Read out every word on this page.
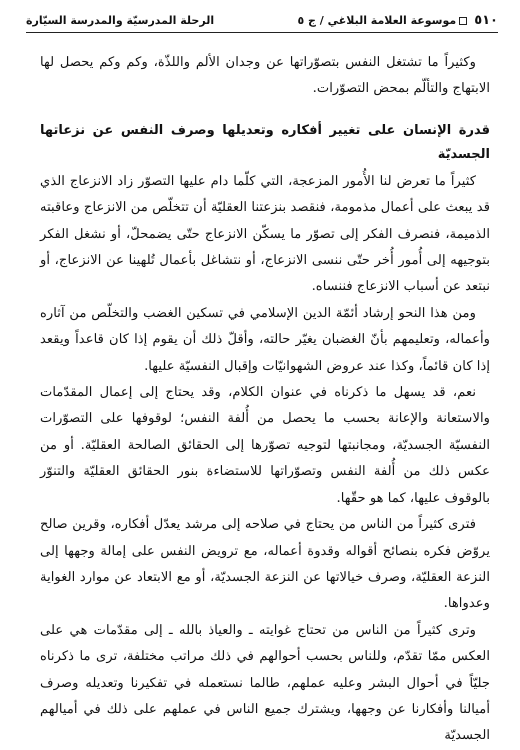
٥١٠موسوعة العلامة البلاغي / ج ٥
الرحلة المدرسيّة والمدرسة السيّارة

وكثيراً ما تشتغل النفس بتصوّراتها عن وجدان الألم واللذّة، وكم وكم يحصل لها الابتهاج والتألّم بمحض التصوّرات.

قدرة الإنسان على تغيير أفكاره وتعديلها وصرف النفس عن نزعاتها الجسديّة

كثيراً ما تعرض لنا الأُمور المزعجة، التي كلّما دام عليها التصوّر زاد الانزعاج الذي قد يبعث على أعمال مذمومة، فنقصد بنزعتنا العقليّة أن تتخلّص من الانزعاج وعاقبته الذميمة، فنصرف الفكر إلى تصوّر ما يسكّن الانزعاج حتّى يضمحلّ، أو نشغل الفكر بتوجيهه إلى أُمور أُخر حتّى ننسى الانزعاج، أو نتشاغل بأعمال تُلهينا عن الانزعاج، أو نبتعد عن أسباب الانزعاج فننساه.

ومن هذا النحو إرشاد أئمّة الدين الإسلامي في تسكين الغضب والتخلّص من آثاره وأعماله، وتعليمهم بأنّ الغضبان يغيّر حالته، وأقلّ ذلك أن يقوم إذا كان قاعداً ويقعد إذا كان قائماً، وكذا عند عروض الشهوانيّات وإقبال النفسيّة عليها.

نعم، قد يسهل ما ذكرناه في عنوان الكلام، وقد يحتاج إلى إعمال المقدّمات والاستعانة والإعانة بحسب ما يحصل من أُلفة النفس؛ لوقوفها على التصوّرات النفسيّة الجسديّة، ومجانبتها لتوجيه تصوّرها إلى الحقائق الصالحة العقليّة. أو من عكس ذلك من أُلفة النفس وتصوّراتها للاستضاءة بنور الحقائق العقليّة والتنوّر بالوقوف عليها، كما هو حقّها.

فترى كثيراً من الناس من يحتاج في صلاحه إلى مرشد يعدّل أفكاره، وقرين صالح يروّض فكره بنصائح أقواله وقدوة أعماله، مع ترويض النفس على إمالة وجهها إلى النزعة العقليّة، وصرف خيالاتها عن النزعة الجسديّة، أو مع الابتعاد عن موارد الغواية وعدواها.

وترى كثيراً من الناس من تحتاج غوايته ـ والعياذ بالله ـ إلى مقدّمات هي على العكس ممّا تقدّم، وللناس بحسب أحوالهم في ذلك مراتب مختلفة، ترى ما ذكرناه جليّاً في أحوال البشر وعليه عملهم، طالما نستعمله في تفكيرنا وتعديله وصرف أميالنا وأفكارنا عن وجهها، ويشترك جميع الناس في عملهم على ذلك في أميالهم الجسديّة
